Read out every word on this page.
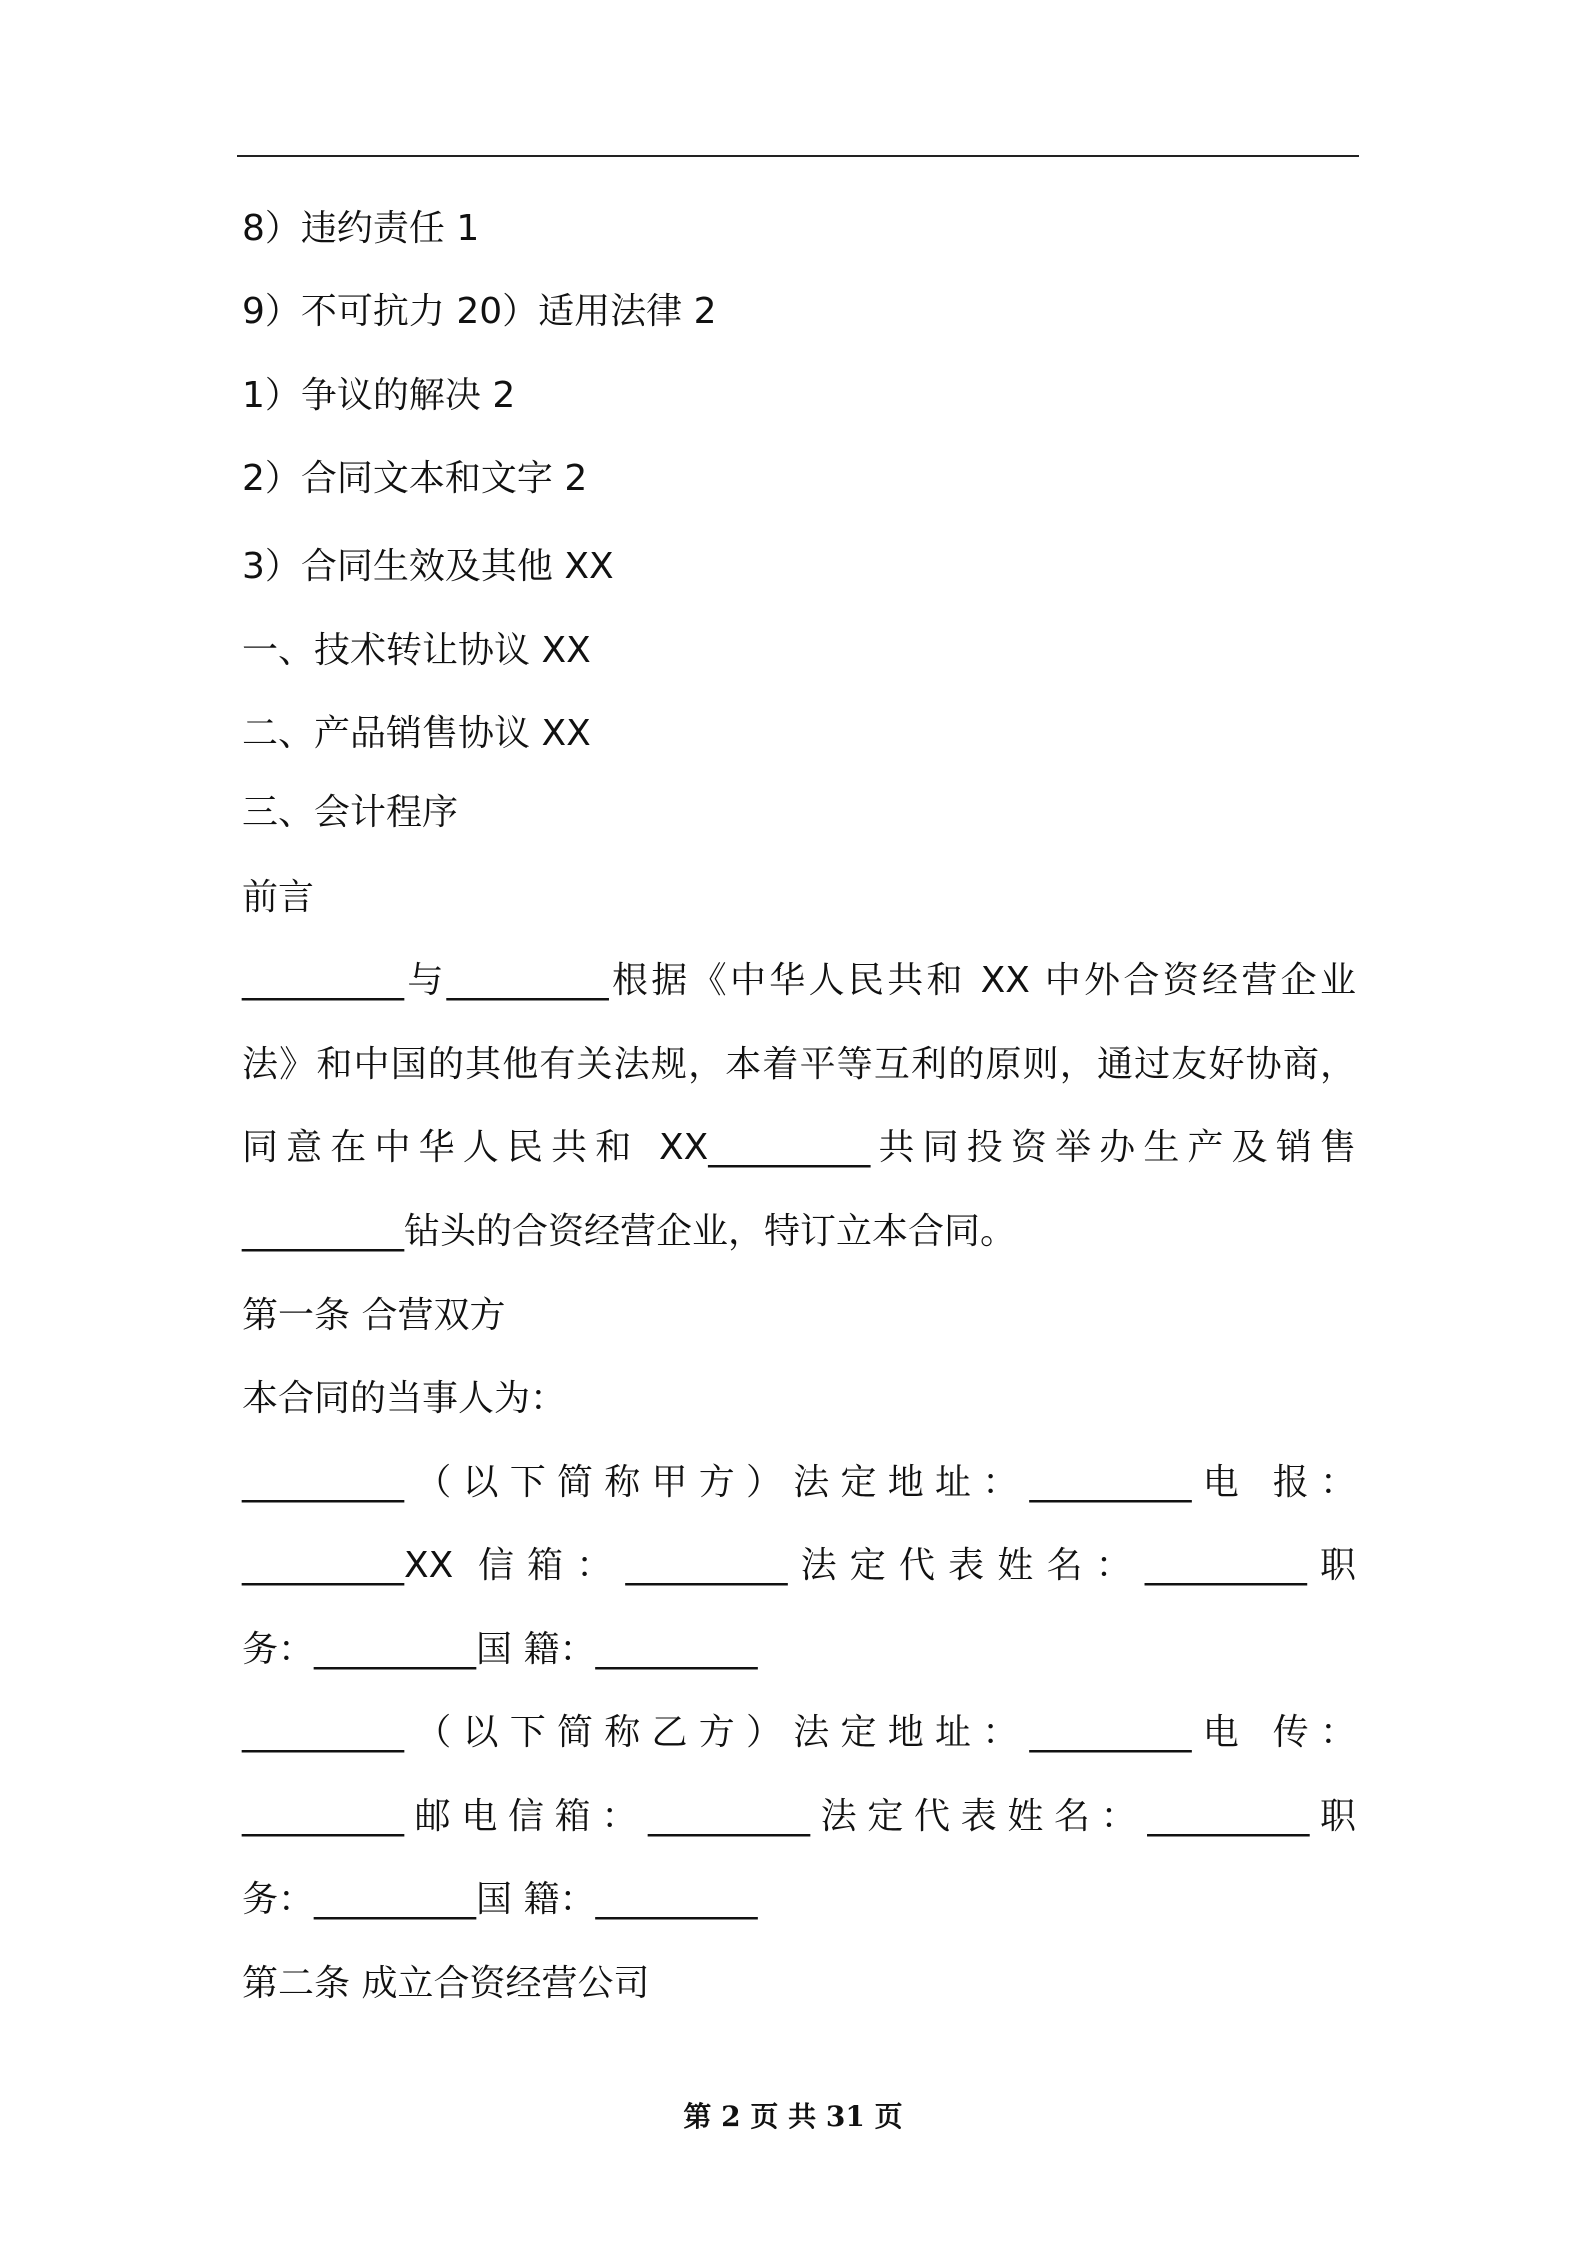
8）违约责任 1
9）不可抗力 20）适用法律 2
1）争议的解决 2
2）合同文本和文字 2
3）合同生效及其他 XX
一、技术转让协议 XX
二、产品销售协议 XX
三、会计程序
前言
_________与_________根据《中华人民共和 XX 中外合资经营企业
法》和中国的其他有关法规，本着平等互利的原则，通过友好协商，
同意在中华人民共和 XX_________共同投资举办生产及销售
_________钻头的合资经营企业，特订立本合同。
第一条 合营双方
本合同的当事人为：
_________（以下简称甲方）法定地址：_________电 报：
_________XX 信箱：_________法定代表姓名：_________职
务：_________国 籍：_________
_________（以下简称乙方）法定地址：_________电 传：
_________邮电信箱：_________法定代表姓名：_________职
务：_________国 籍：_________
第二条 成立合资经营公司
第 2 页 共 31 页
